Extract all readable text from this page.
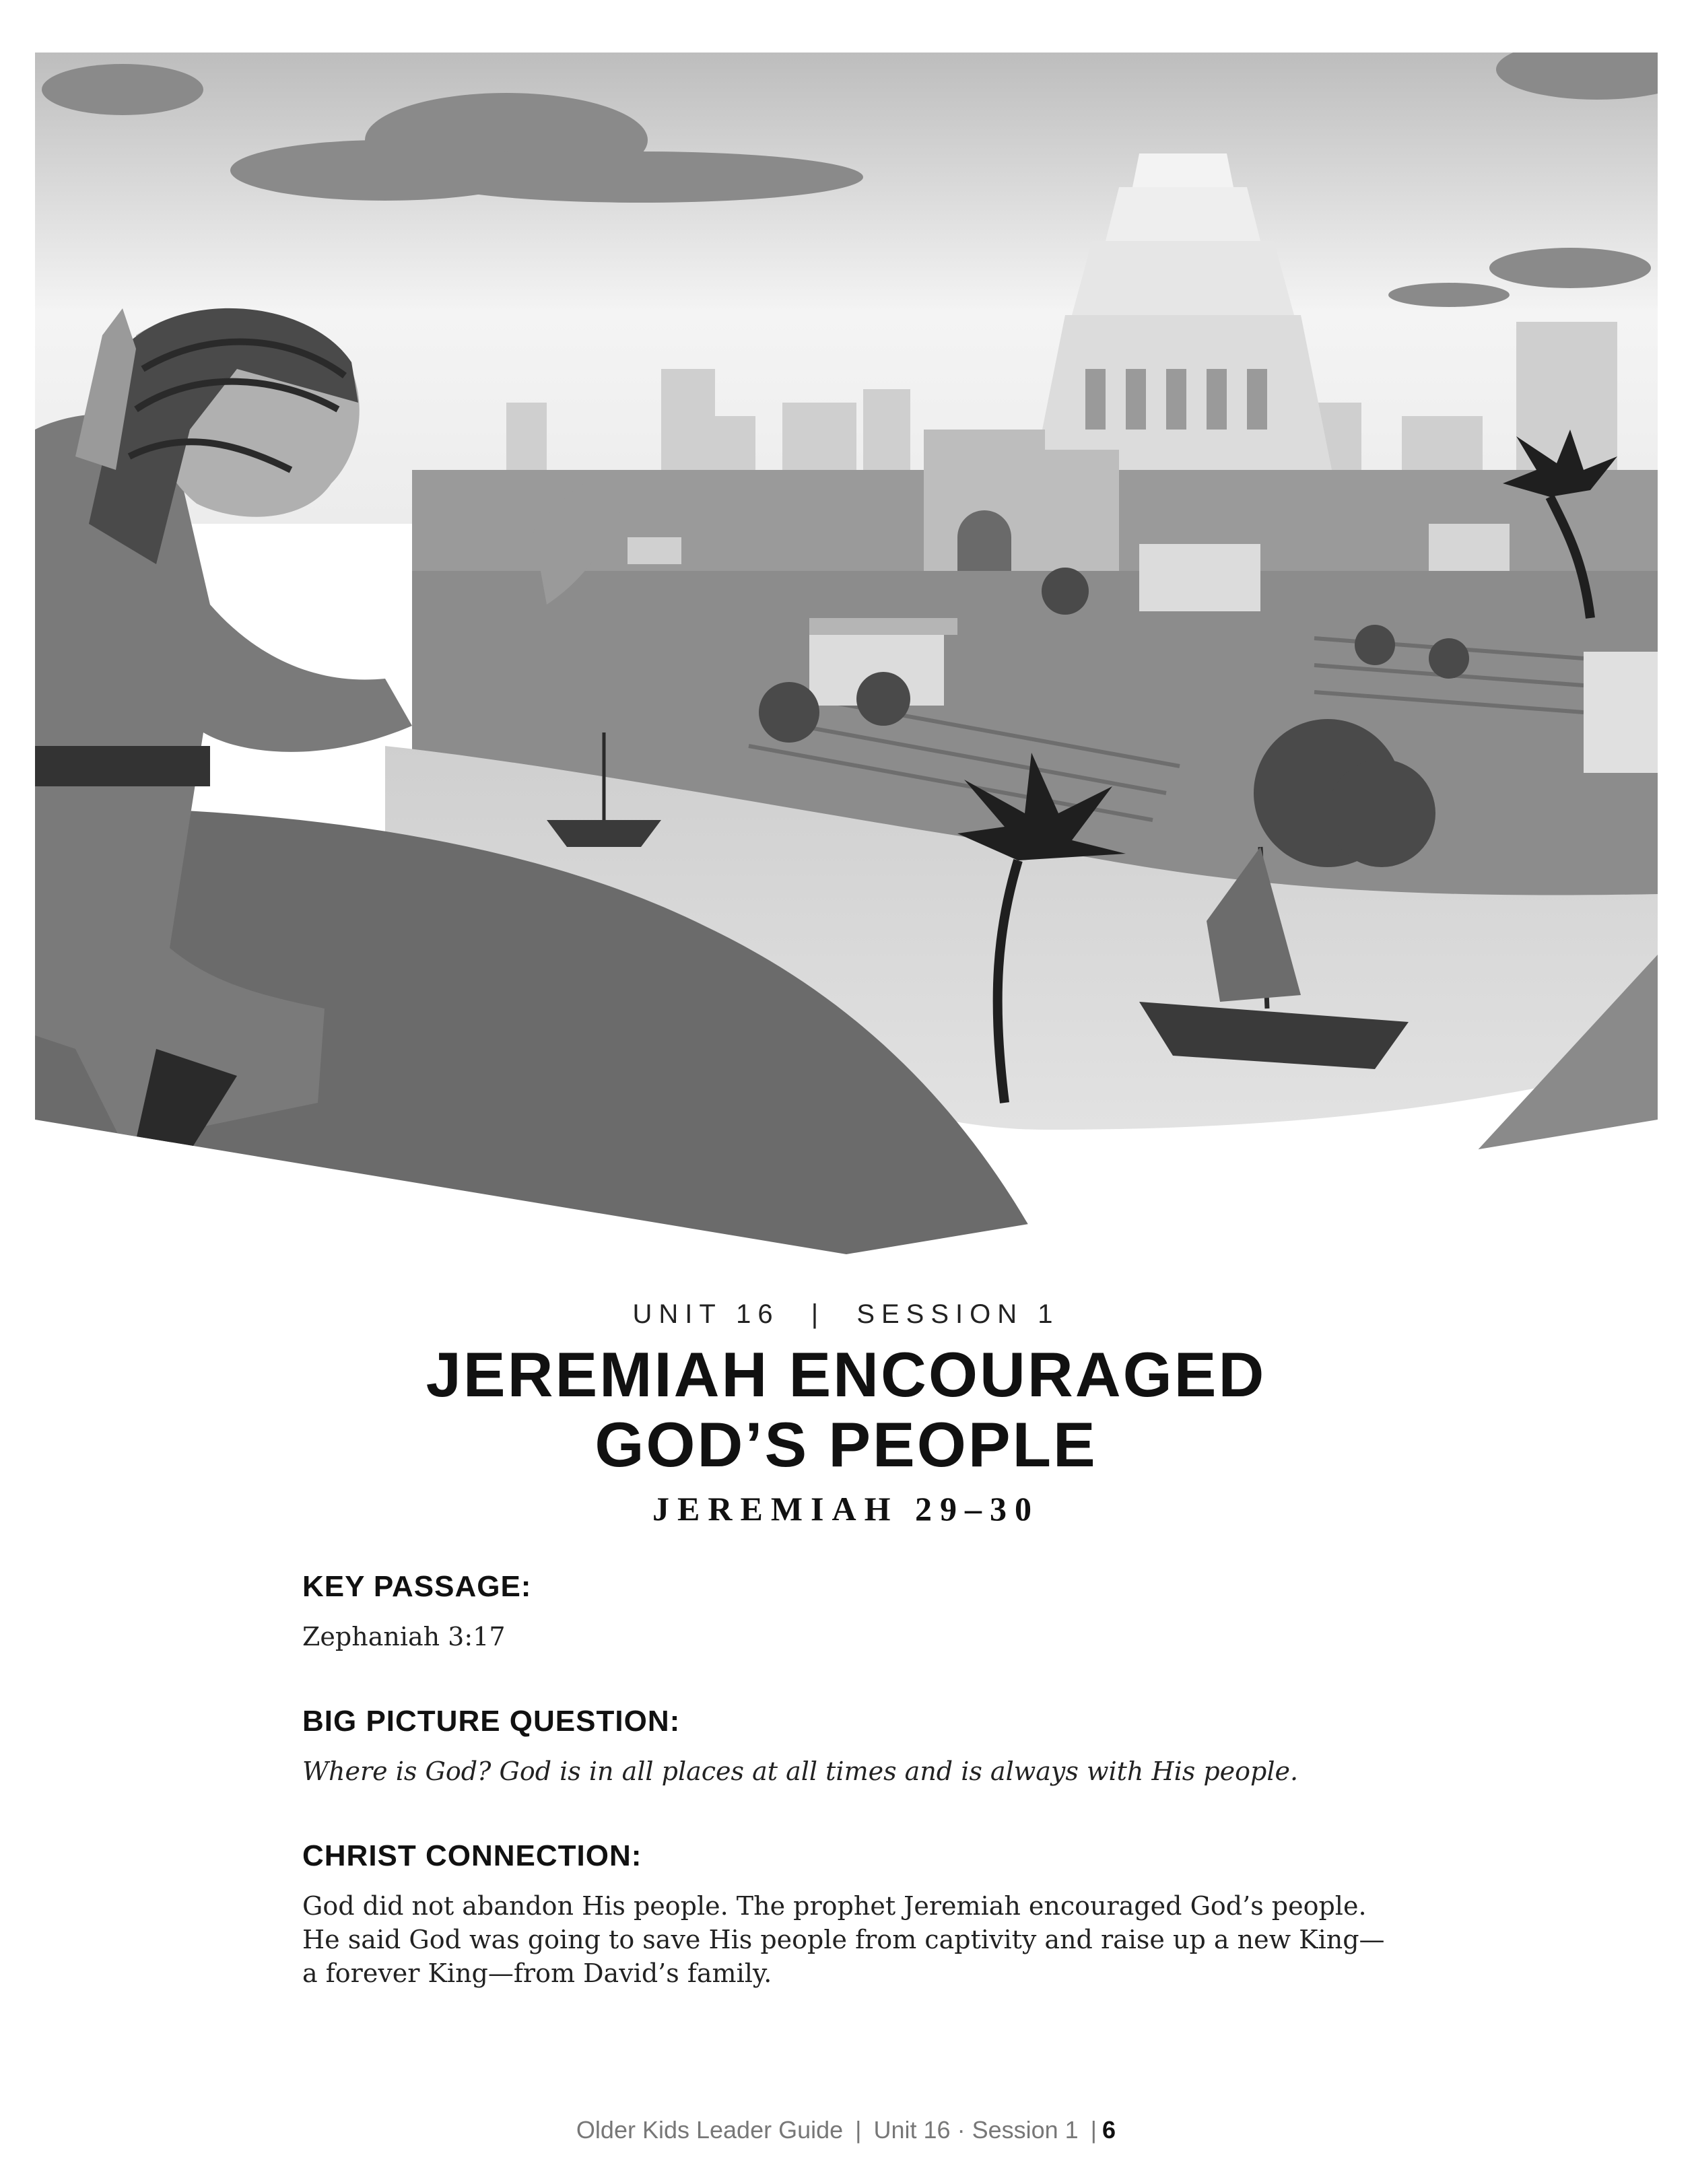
UNIT 16 | SESSION 1
JEREMIAH ENCOURAGED
GOD’S PEOPLE
JEREMIAH 29–30
KEY PASSAGE:
Zephaniah 3:17
BIG PICTURE QUESTION:
Where is God? God is in all places at all times and is always with His people.
CHRIST CONNECTION:
God did not abandon His people. The prophet Jeremiah encouraged God’s people. He said God was going to save His people from captivity and raise up a new King—a forever King—from David’s family.
Older Kids Leader Guide | Unit 16 · Session 1 | 6
